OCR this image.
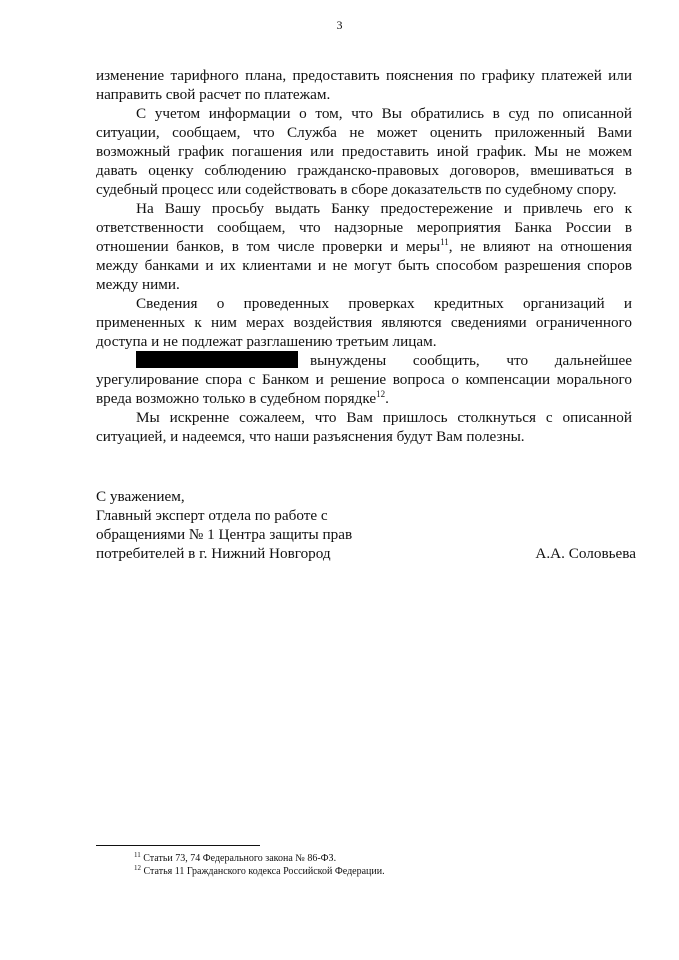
3

изменение тарифного плана, предоставить пояснения по графику платежей или направить свой расчет по платежам.

С учетом информации о том, что Вы обратились в суд по описанной ситуации, сообщаем, что Служба не может оценить приложенный Вами возможный график погашения или предоставить иной график. Мы не можем давать оценку соблюдению гражданско-правовых договоров, вмешиваться в судебный процесс или содействовать в сборе доказательств по судебному спору.

На Вашу просьбу выдать Банку предостережение и привлечь его к ответственности сообщаем, что надзорные мероприятия Банка России в отношении банков, в том числе проверки и меры$^{11}$, не влияют на отношения между банками и их клиентами и не могут быть способом разрешения споров между ними.

Сведения о проведенных проверках кредитных организаций и примененных к ним мерах воздействия являются сведениями ограниченного доступа и не подлежат разглашению третьим лицам.

вынуждены сообщить, что дальнейшее урегулирование спора с Банком и решение вопроса о компенсации морального вреда возможно только в судебном порядке$^{12}$.

Мы искренне сожалеем, что Вам пришлось столкнуться с описанной ситуацией, и надеемся, что наши разъяснения будут Вам полезны.

С уважением,
Главный эксперт отдела по работе с
обращениями № 1 Центра защиты прав
потребителей в г. Нижний Новгород	А.А. Соловьева
$^{11}$ Статьи 73, 74 Федерального закона № 86-ФЗ.
$^{12}$ Статья 11 Гражданского кодекса Российской Федерации.
